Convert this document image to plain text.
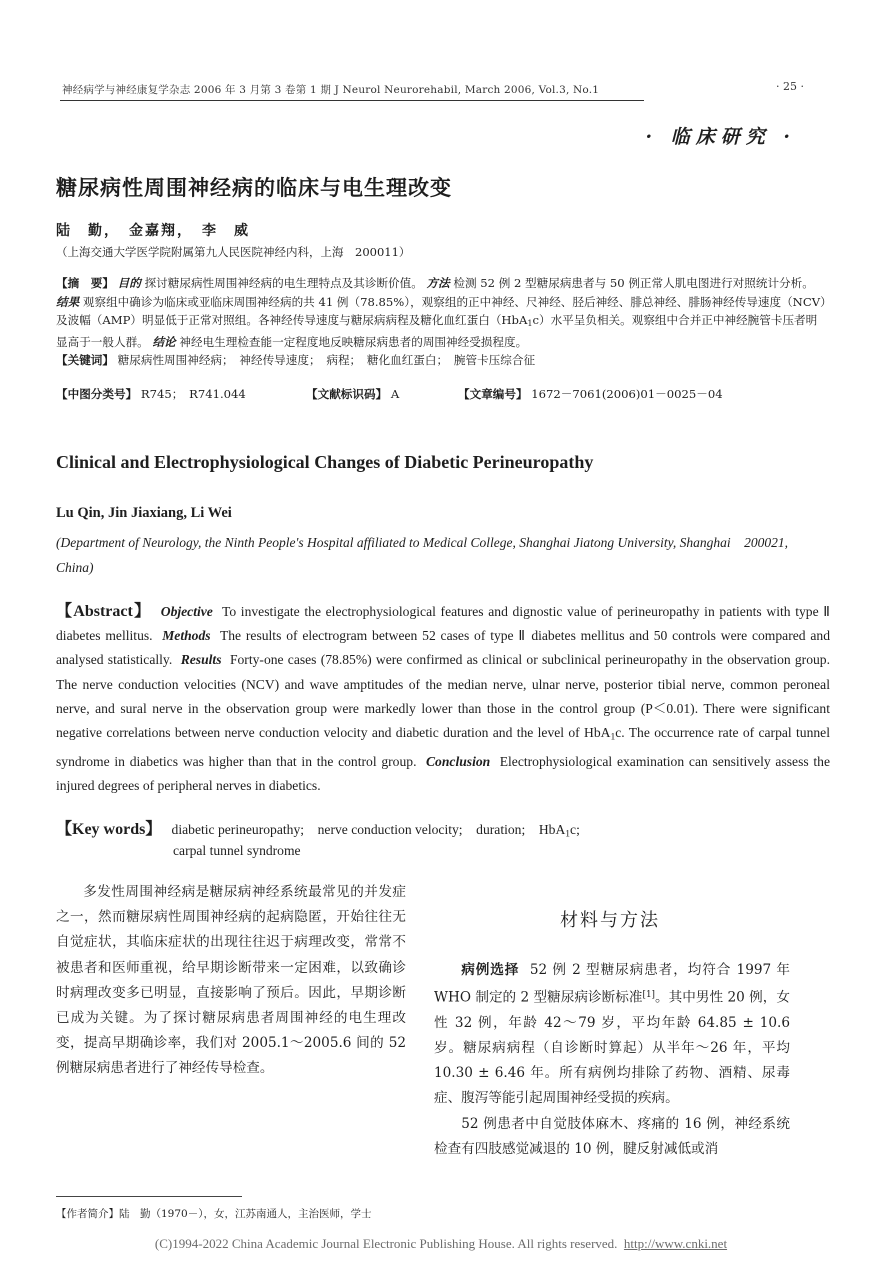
神经病学与神经康复学杂志 2006 年 3 月第 3 卷第 1 期 J Neurol Neurorehabil, March 2006, Vol.3, No.1	· 25 ·
· 临床研究 ·
糖尿病性周围神经病的临床与电生理改变
陆　勤，　金嘉翔，　李　威
（上海交通大学医学院附属第九人民医院神经内科，上海　200011）
【摘　要】 目的 探讨糖尿病性周围神经病的电生理特点及其诊断价值。 方法 检测 52 例 2 型糖尿病患者与 50 例正常人肌电图进行对照统计分析。 结果 观察组中确诊为临床或亚临床周围神经病的共 41 例（78.85%），观察组的正中神经、尺神经、胫后神经、腓总神经、腓肠神经传导速度（NCV）及波幅（AMP）明显低于正常对照组。各神经传导速度与糖尿病病程及糖化血红蛋白（HbA$_1$c）水平呈负相关。观察组中合并正中神经腕管卡压者明显高于一般人群。 结论 神经电生理检查能一定程度地反映糖尿病患者的周围神经受损程度。
【关键词】 糖尿病性周围神经病；　神经传导速度；　病程；　糖化血红蛋白；　腕管卡压综合征
【中图分类号】 R745；　R741.044	【文献标识码】 A	【文章编号】 1672－7061(2006)01－0025－04
Clinical and Electrophysiological Changes of Diabetic Perineuropathy
Lu Qin, Jin Jiaxiang, Li Wei
(Department of Neurology, the Ninth People's Hospital affiliated to Medical College, Shanghai Jiatong University, Shanghai　200021, China)
【Abstract】 Objective To investigate the electrophysiological features and dignostic value of perineuropathy in patients with type Ⅱ diabetes mellitus. Methods The results of electrogram between 52 cases of type Ⅱ diabetes mellitus and 50 controls were compared and analysed statistically. Results Forty-one cases (78.85%) were confirmed as clinical or subclinical perineuropathy in the observation group. The nerve conduction velocities (NCV) and wave amptitudes of the median nerve, ulnar nerve, posterior tibial nerve, common peroneal nerve, and sural nerve in the observation group were markedly lower than those in the control group (P＜0.01). There were significant negative correlations between nerve conduction velocity and diabetic duration and the level of HbA$_1$c. The occurrence rate of carpal tunnel syndrome in diabetics was higher than that in the control group. Conclusion Electrophysiological examination can sensitively assess the injured degrees of peripheral nerves in diabetics.
【Key words】 diabetic perineuropathy;　nerve conduction velocity;　duration;　HbA$_1$c;
carpal tunnel syndrome

多发性周围神经病是糖尿病神经系统最常见的并发症之一，然而糖尿病性周围神经病的起病隐匿，开始往往无自觉症状，其临床症状的出现往往迟于病理改变，常常不被患者和医师重视，给早期诊断带来一定困难，以致确诊时病理改变多已明显，直接影响了预后。因此，早期诊断已成为关键。为了探讨糖尿病患者周围神经的电生理改变，提高早期确诊率，我们对 2005.1～2005.6 间的 52 例糖尿病患者进行了神经传导检查。

材料与方法

病例选择 52 例 2 型糖尿病患者，均符合 1997 年 WHO 制定的 2 型糖尿病诊断标准[1]。其中男性 20 例，女性 32 例，年龄 42～79 岁，平均年龄 64.85 ± 10.6 岁。糖尿病病程（自诊断时算起）从半年～26 年，平均 10.30 ± 6.46 年。所有病例均排除了药物、酒精、尿毒症、腹泻等能引起周围神经受损的疾病。

52 例患者中自觉肢体麻木、疼痛的 16 例，神经系统检查有四肢感觉减退的 10 例，腱反射减低或消

【作者简介】陆　勤（1970－），女，江苏南通人，主治医师，学士
(C)1994-2022 China Academic Journal Electronic Publishing House. All rights reserved. http://www.cnki.net
